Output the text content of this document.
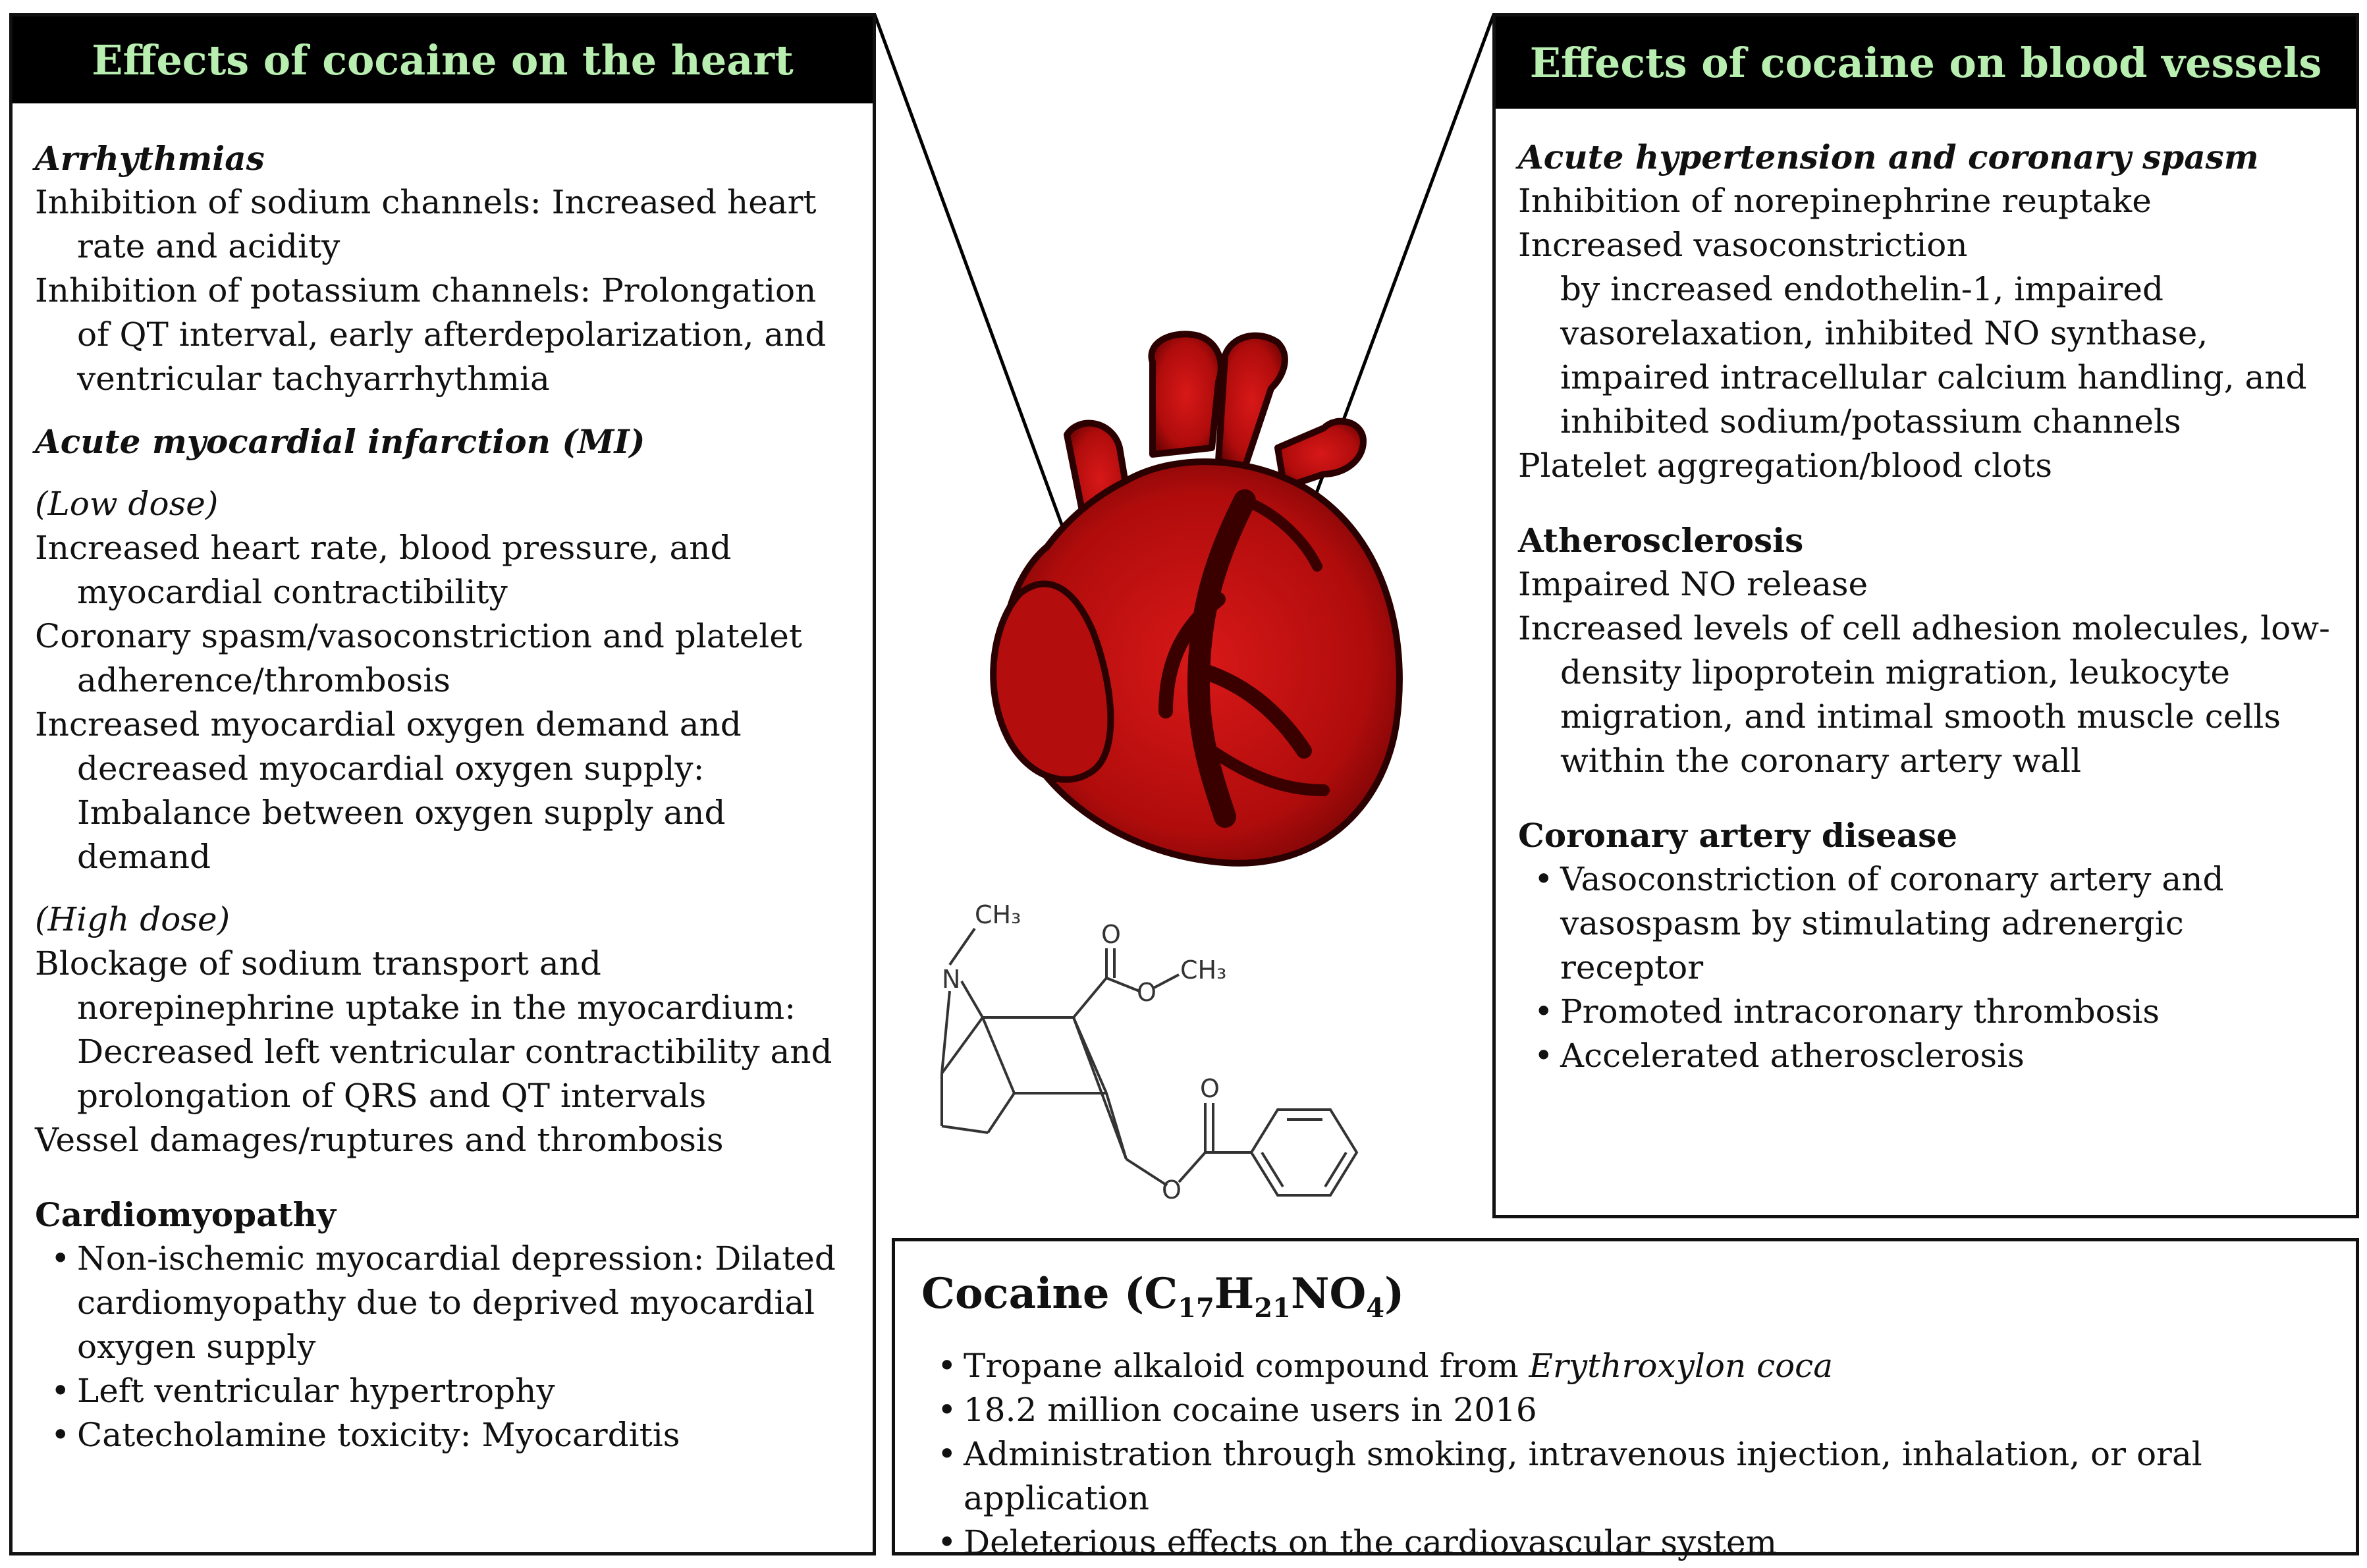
Effects of cocaine on the heart
Arrhythmias
Inhibition of sodium channels: Increased heart rate and acidity
Inhibition of potassium channels: Prolongation of QT interval, early afterdepolarization, and ventricular tachyarrhythmia
Acute myocardial infarction (MI)
(Low dose)
Increased heart rate, blood pressure, and myocardial contractibility
Coronary spasm/vasoconstriction and platelet adherence/thrombosis
Increased myocardial oxygen demand and decreased myocardial oxygen supply: Imbalance between oxygen supply and demand
(High dose)
Blockage of sodium transport and norepinephrine uptake in the myocardium: Decreased left ventricular contractibility and prolongation of QRS and QT intervals
Vessel damages/ruptures and thrombosis
Cardiomyopathy
• Non-ischemic myocardial depression: Dilated cardiomyopathy due to deprived myocardial oxygen supply
• Left ventricular hypertrophy
• Catecholamine toxicity: Myocarditis
Effects of cocaine on blood vessels
Acute hypertension and coronary spasm
Inhibition of norepinephrine reuptake
Increased vasoconstriction
by increased endothelin-1, impaired vasorelaxation, inhibited NO synthase, impaired intracellular calcium handling, and inhibited sodium/potassium channels
Platelet aggregation/blood clots
Atherosclerosis
Impaired NO release
Increased levels of cell adhesion molecules, low-density lipoprotein migration, leukocyte migration, and intimal smooth muscle cells within the coronary artery wall
Coronary artery disease
• Vasoconstriction of coronary artery and vasospasm by stimulating adrenergic receptor
• Promoted intracoronary thrombosis
• Accelerated atherosclerosis
Cocaine $(C_{17}H_{21}NO_4)$
• Tropane alkaloid compound from Erythroxylon coca
• 18.2 million cocaine users in 2016
• Administration through smoking, intravenous injection, inhalation, or oral application
• Deleterious effects on the cardiovascular system
CH₃
N
O
O
CH₃
O
O
